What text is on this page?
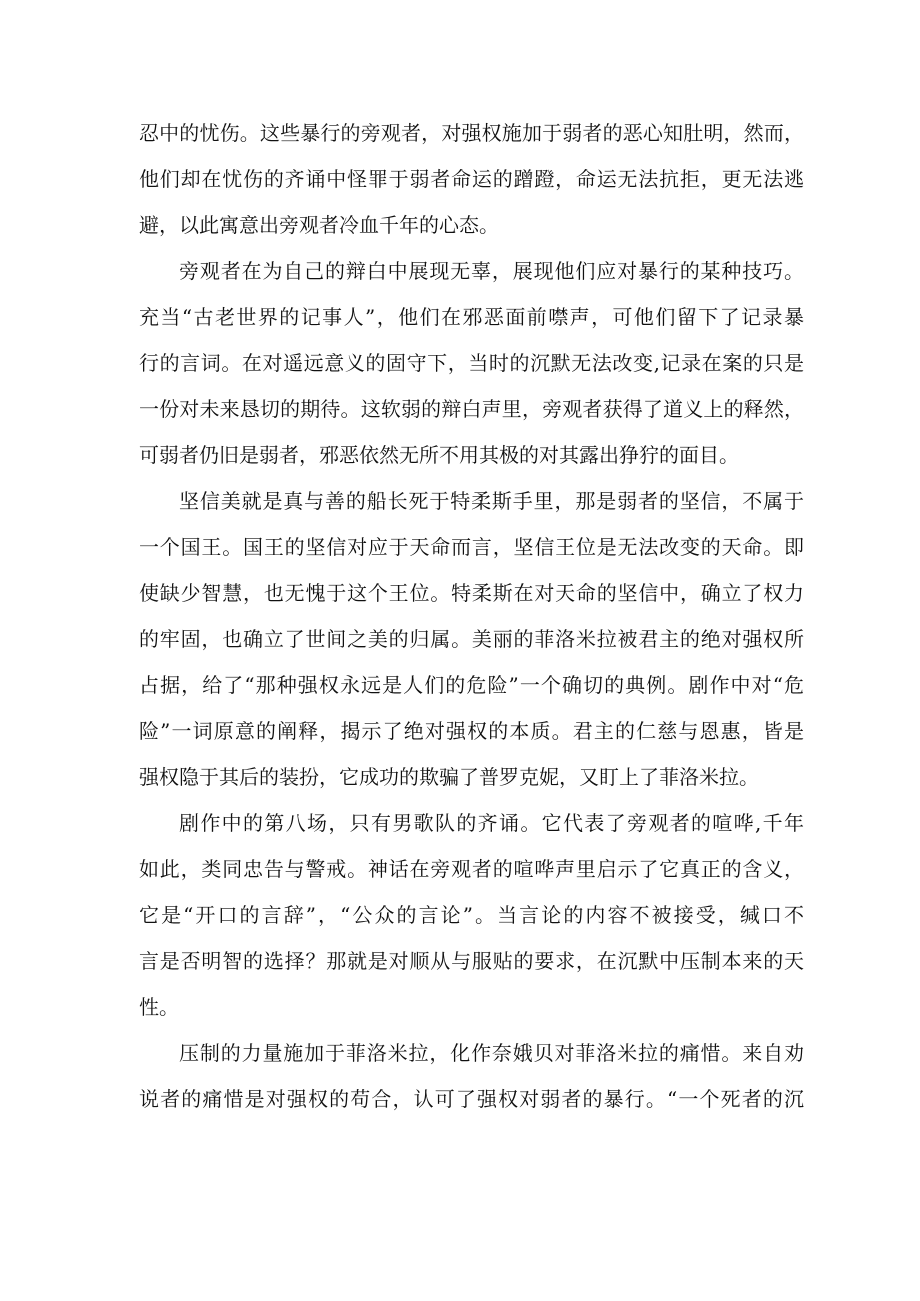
忍中的忧伤。这些暴行的旁观者，对强权施加于弱者的恶心知肚明，然而，
他们却在忧伤的齐诵中怪罪于弱者命运的蹭蹬，命运无法抗拒，更无法逃
避，以此寓意出旁观者冷血千年的心态。
旁观者在为自己的辩白中展现无辜，展现他们应对暴行的某种技巧。
充当“古老世界的记事人”，他们在邪恶面前噤声，可他们留下了记录暴
行的言词。在对遥远意义的固守下，当时的沉默无法改变,记录在案的只是
一份对未来恳切的期待。这软弱的辩白声里，旁观者获得了道义上的释然，
可弱者仍旧是弱者，邪恶依然无所不用其极的对其露出狰狞的面目。
坚信美就是真与善的船长死于特柔斯手里，那是弱者的坚信，不属于
一个国王。国王的坚信对应于天命而言，坚信王位是无法改变的天命。即
使缺少智慧，也无愧于这个王位。特柔斯在对天命的坚信中，确立了权力
的牢固，也确立了世间之美的归属。美丽的菲洛米拉被君主的绝对强权所
占据，给了“那种强权永远是人们的危险”一个确切的典例。剧作中对“危
险”一词原意的阐释，揭示了绝对强权的本质。君主的仁慈与恩惠，皆是
强权隐于其后的装扮，它成功的欺骗了普罗克妮，又盯上了菲洛米拉。
剧作中的第八场，只有男歌队的齐诵。它代表了旁观者的喧哗,千年
如此，类同忠告与警戒。神话在旁观者的喧哗声里启示了它真正的含义，
它是“开口的言辞”，“公众的言论”。当言论的内容不被接受，缄口不
言是否明智的选择？那就是对顺从与服贴的要求，在沉默中压制本来的天
性。
压制的力量施加于菲洛米拉，化作奈娥贝对菲洛米拉的痛惜。来自劝
说者的痛惜是对强权的苟合，认可了强权对弱者的暴行。“一个死者的沉
